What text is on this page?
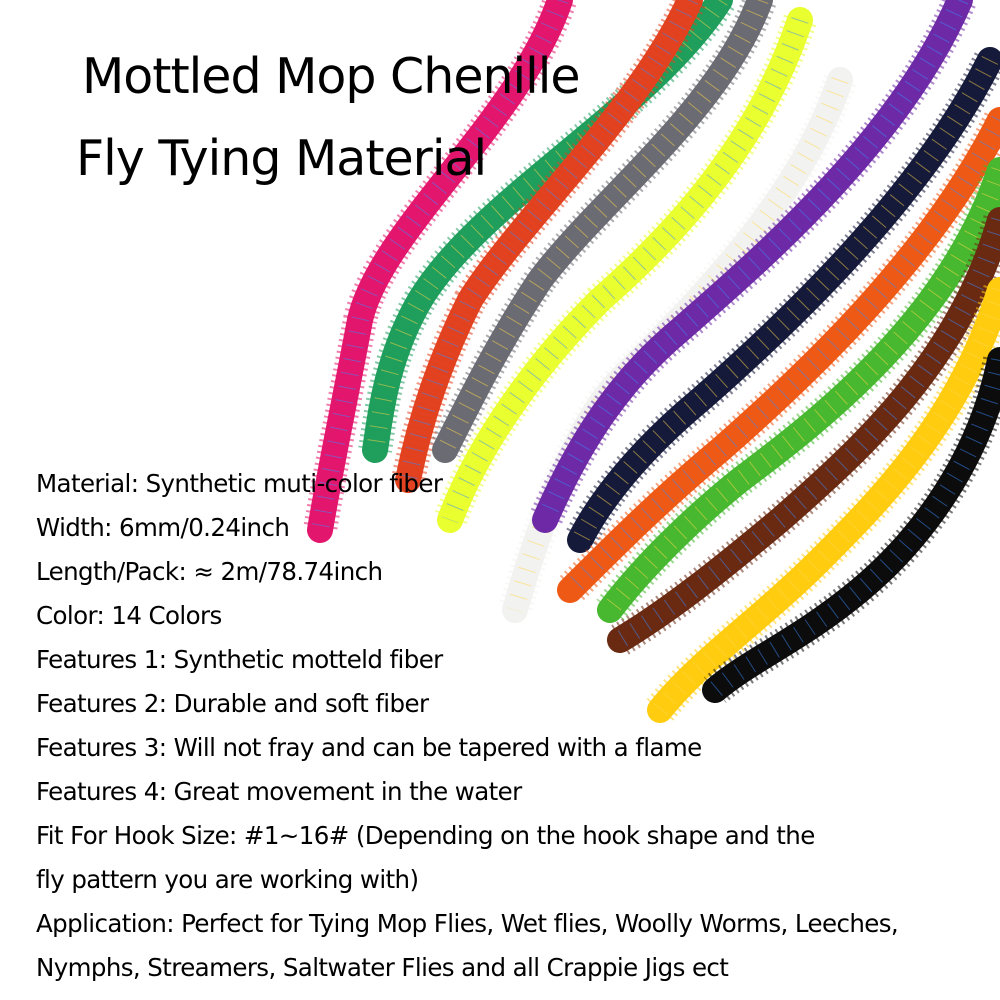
Mottled Mop Chenille
Fly Tying Material
Material: Synthetic muti-color fiber
Width: 6mm/0.24inch
Length/Pack: ≈ 2m/78.74inch
Color: 14 Colors
Features 1: Synthetic motteld fiber
Features 2: Durable and soft fiber
Features 3: Will not fray and can be tapered with a flame
Features 4: Great movement in the water
Fit For Hook Size: #1~16# (Depending on the hook shape and the
fly pattern you are working with)
Application: Perfect for Tying Mop Flies, Wet flies, Woolly Worms, Leeches,
Nymphs, Streamers, Saltwater Flies and all Crappie Jigs ect
